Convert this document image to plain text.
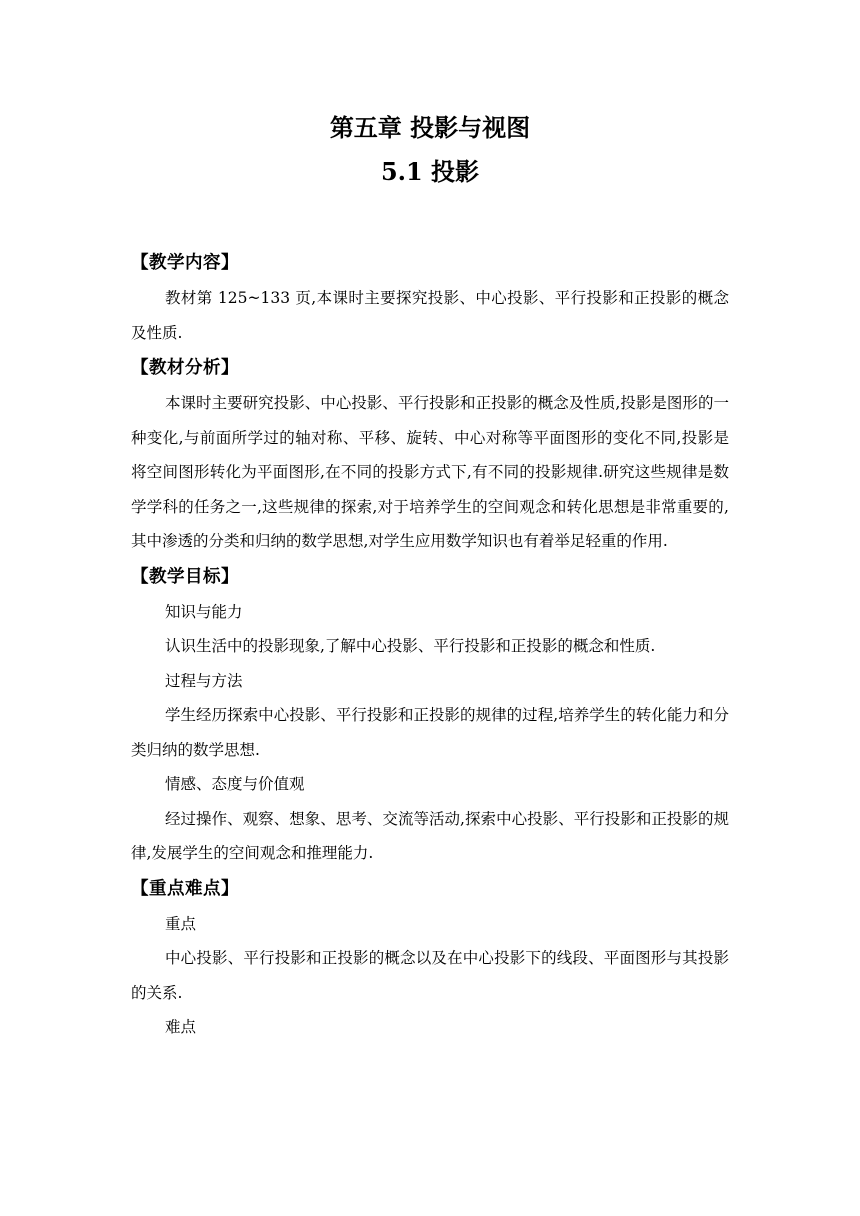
第五章 投影与视图
5.1 投影

【教学内容】

教材第 125~133 页,本课时主要探究投影、中心投影、平行投影和正投影的概念及性质.

【教材分析】

本课时主要研究投影、中心投影、平行投影和正投影的概念及性质,投影是图形的一种变化,与前面所学过的轴对称、平移、旋转、中心对称等平面图形的变化不同,投影是将空间图形转化为平面图形,在不同的投影方式下,有不同的投影规律.研究这些规律是数学学科的任务之一,这些规律的探索,对于培养学生的空间观念和转化思想是非常重要的,其中渗透的分类和归纳的数学思想,对学生应用数学知识也有着举足轻重的作用.

【教学目标】

知识与能力

认识生活中的投影现象,了解中心投影、平行投影和正投影的概念和性质.

过程与方法

学生经历探索中心投影、平行投影和正投影的规律的过程,培养学生的转化能力和分类归纳的数学思想.

情感、态度与价值观

经过操作、观察、想象、思考、交流等活动,探索中心投影、平行投影和正投影的规律,发展学生的空间观念和推理能力.

【重点难点】

重点

中心投影、平行投影和正投影的概念以及在中心投影下的线段、平面图形与其投影的关系.

难点
